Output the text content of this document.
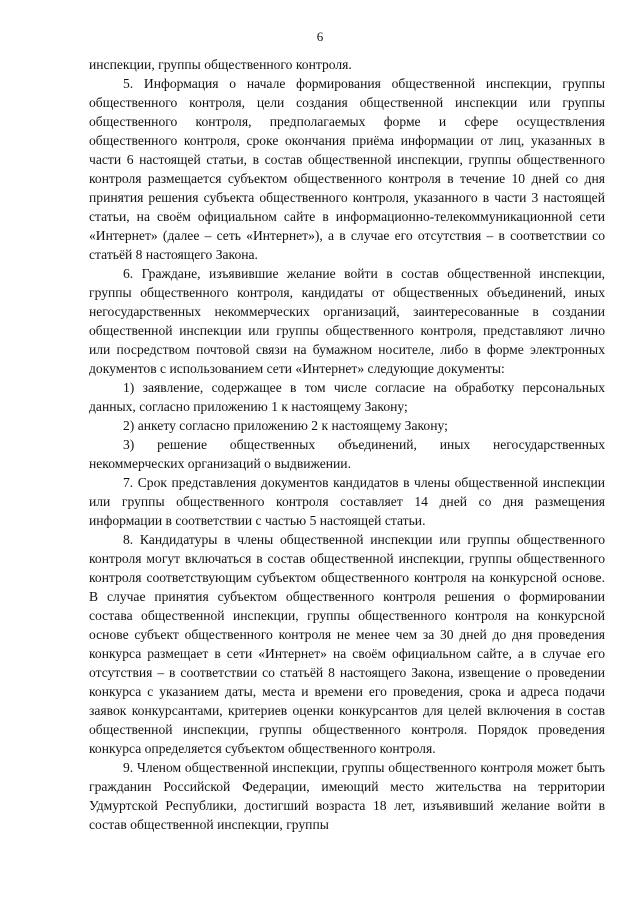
6

инспекции, группы общественного контроля.

5. Информация о начале формирования общественной инспекции, группы общественного контроля, цели создания общественной инспекции или группы общественного контроля, предполагаемых форме и сфере осуществления общественного контроля, сроке окончания приёма информации от лиц, указанных в части 6 настоящей статьи, в состав общественной инспекции, группы общественного контроля размещается субъектом общественного контроля в течение 10 дней со дня принятия решения субъекта общественного контроля, указанного в части 3 настоящей статьи, на своём официальном сайте в информационно-телекоммуникационной сети «Интернет» (далее – сеть «Интернет»), а в случае его отсутствия – в соответствии со статьёй 8 настоящего Закона.

6. Граждане, изъявившие желание войти в состав общественной инспекции, группы общественного контроля, кандидаты от общественных объединений, иных негосударственных некоммерческих организаций, заинтересованные в создании общественной инспекции или группы общественного контроля, представляют лично или посредством почтовой связи на бумажном носителе, либо в форме электронных документов с использованием сети «Интернет» следующие документы:

1) заявление, содержащее в том числе согласие на обработку персональных данных, согласно приложению 1 к настоящему Закону;

2) анкету согласно приложению 2 к настоящему Закону;

3) решение общественных объединений, иных негосударственных некоммерческих организаций о выдвижении.

7. Срок представления документов кандидатов в члены общественной инспекции или группы общественного контроля составляет 14 дней со дня размещения информации в соответствии с частью 5 настоящей статьи.

8. Кандидатуры в члены общественной инспекции или группы общественного контроля могут включаться в состав общественной инспекции, группы общественного контроля соответствующим субъектом общественного контроля на конкурсной основе. В случае принятия субъектом общественного контроля решения о формировании состава общественной инспекции, группы общественного контроля на конкурсной основе субъект общественного контроля не менее чем за 30 дней до дня проведения конкурса размещает в сети «Интернет» на своём официальном сайте, а в случае его отсутствия – в соответствии со статьёй 8 настоящего Закона, извещение о проведении конкурса с указанием даты, места и времени его проведения, срока и адреса подачи заявок конкурсантами, критериев оценки конкурсантов для целей включения в состав общественной инспекции, группы общественного контроля. Порядок проведения конкурса определяется субъектом общественного контроля.

9. Членом общественной инспекции, группы общественного контроля может быть гражданин Российской Федерации, имеющий место жительства на территории Удмуртской Республики, достигший возраста 18 лет, изъявивший желание войти в состав общественной инспекции, группы
